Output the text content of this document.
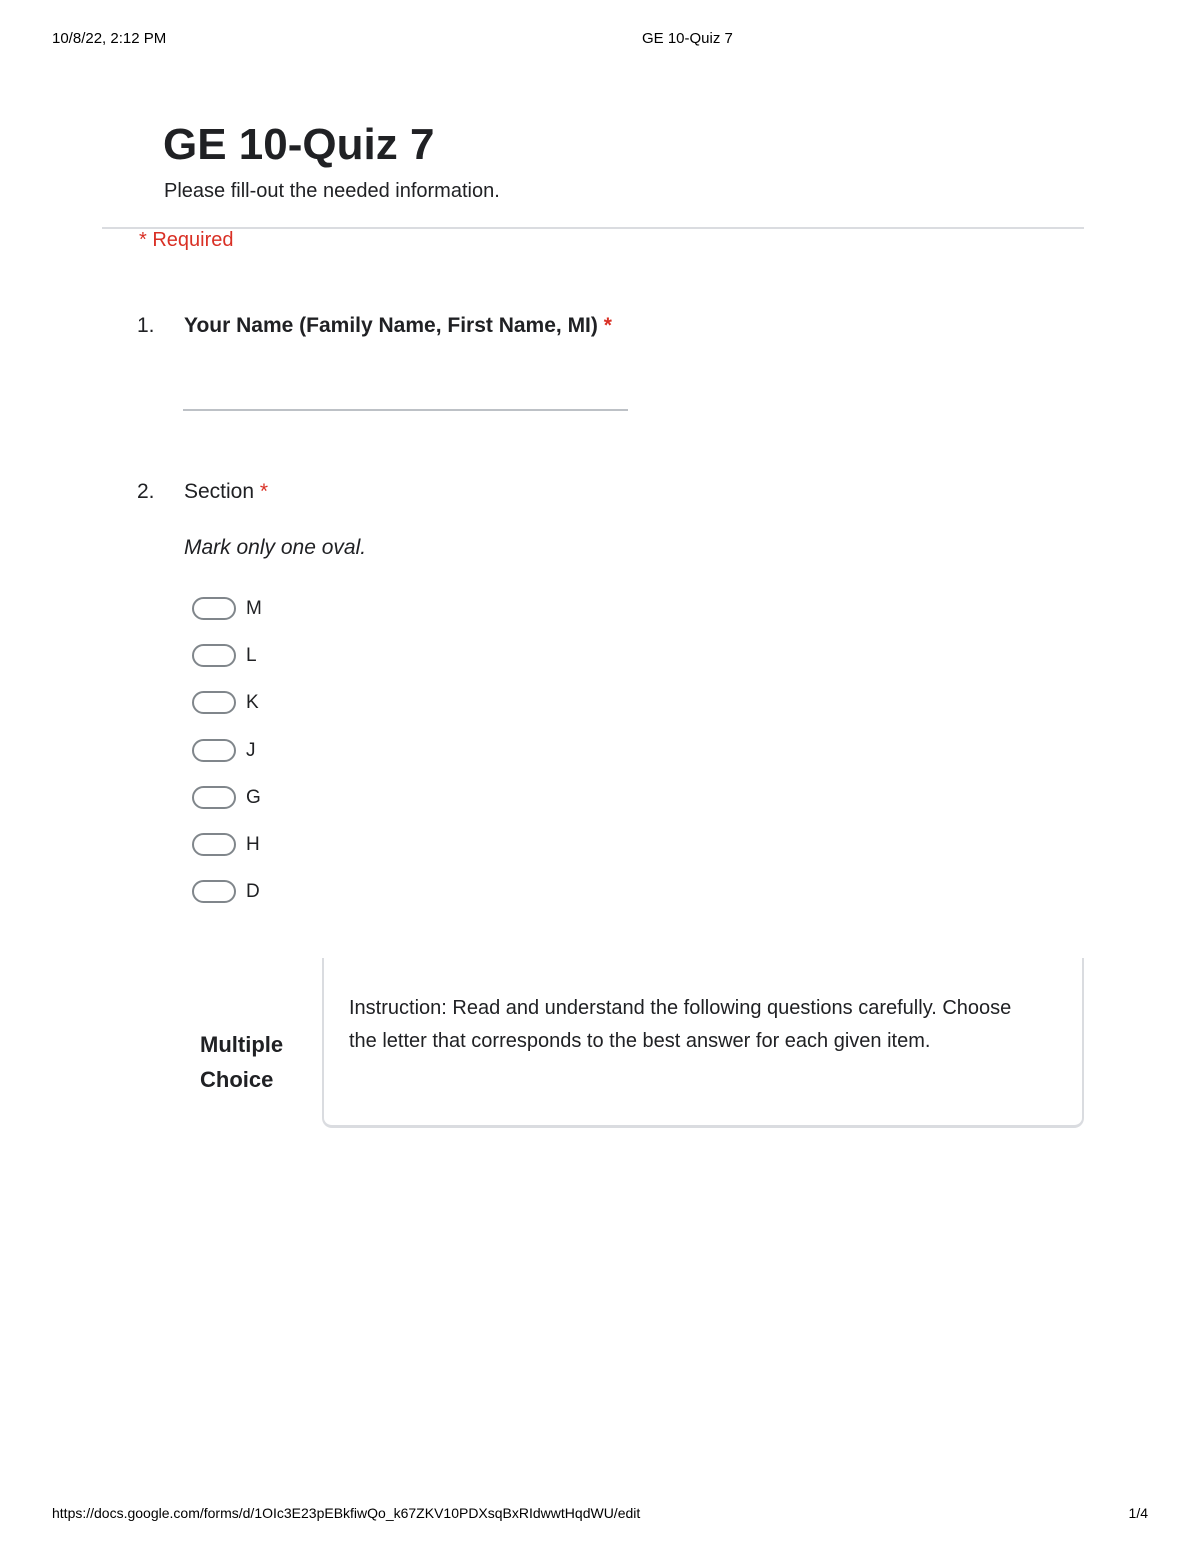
10/8/22, 2:12 PM	GE 10-Quiz 7
GE 10-Quiz 7
Please fill-out the needed information.
* Required
1. Your Name (Family Name, First Name, MI) *
2. Section *
Mark only one oval.
M
L
K
J
G
H
D
Multiple Choice
Instruction: Read and understand the following questions carefully. Choose the letter that corresponds to the best answer for each given item.
https://docs.google.com/forms/d/1OIc3E23pEBkfiwQo_k67ZKV10PDXsqBxRIdwwtHqdWU/edit	1/4
